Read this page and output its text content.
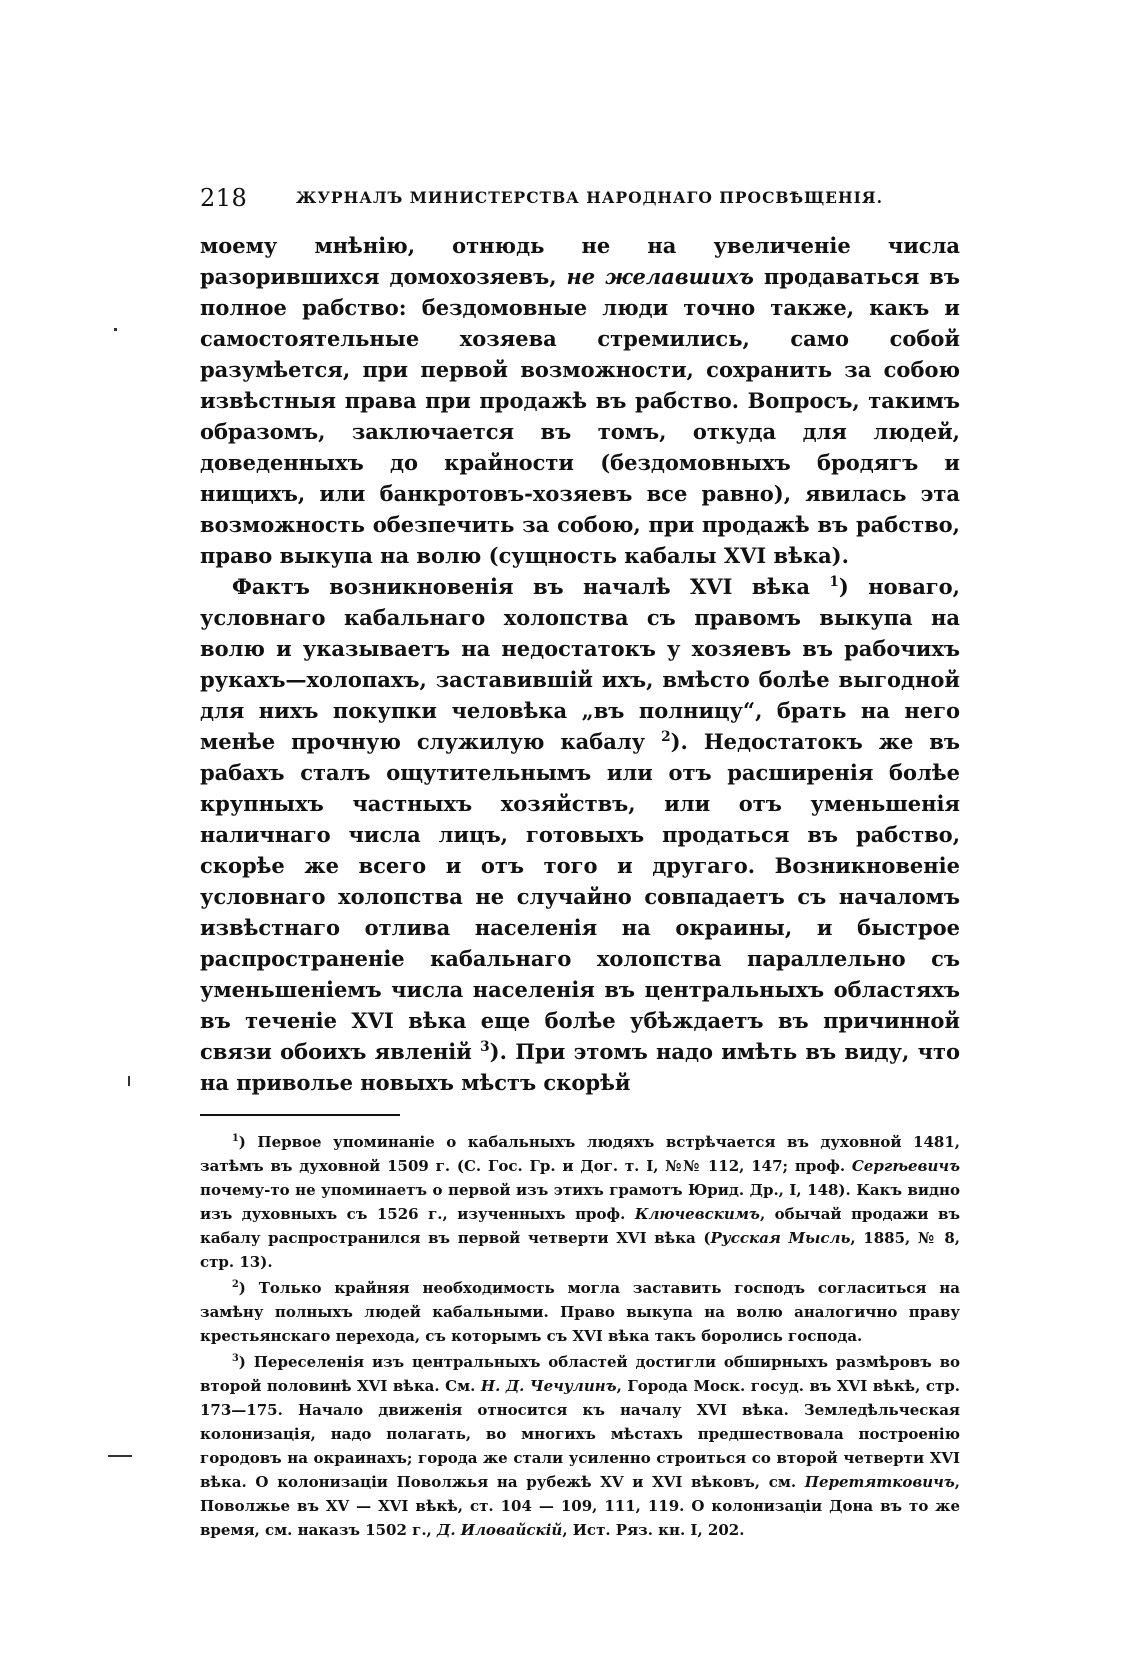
218	ЖУРНАЛЪ МИНИСТЕРСТВА НАРОДНАГО ПРОСВѢЩЕНІЯ.

моему мнѣнію, отнюдь не на увеличеніе числа разорившихся домохозяевъ, не желавшихъ продаваться въ полное рабство: бездомовные люди точно также, какъ и самостоятельные хозяева стремились, само собой разумѣется, при первой возможности, сохранить за собою извѣстныя права при продажѣ въ рабство. Вопросъ, такимъ образомъ, заключается въ томъ, откуда для людей, доведенныхъ до крайности (бездомовныхъ бродягъ и нищихъ, или банкротовъ-хозяевъ все равно), явилась эта возможность обезпечить за собою, при продажѣ въ рабство, право выкупа на волю (сущность кабалы XVI вѣка).

Фактъ возникновенія въ началѣ XVI вѣка $^1$) новаго, условнаго кабальнаго холопства съ правомъ выкупа на волю и указываетъ на недостатокъ у хозяевъ въ рабочихъ рукахъ—холопахъ, заставившій ихъ, вмѣсто болѣе выгодной для нихъ покупки человѣка „въ полницу“, брать на него менѣе прочную служилую кабалу $^2$). Недостатокъ же въ рабахъ сталъ ощутительнымъ или отъ расширенія болѣе крупныхъ частныхъ хозяйствъ, или отъ уменьшенія наличнаго числа лицъ, готовыхъ продаться въ рабство, скорѣе же всего и отъ того и другаго. Возникновеніе условнаго холопства не случайно совпадаетъ съ началомъ извѣстнаго отлива населенія на окраины, и быстрое распространеніе кабальнаго холопства параллельно съ уменьшеніемъ числа населенія въ центральныхъ областяхъ въ теченіе XVI вѣка еще болѣе убѣждаетъ въ причинной связи обоихъ явленій $^3$). При этомъ надо имѣть въ виду, что на приволье новыхъ мѣстъ скорѣй

$^1$) Первое упоминаніе о кабальныхъ людяхъ встрѣчается въ духовной 1481, затѣмъ въ духовной 1509 г. (С. Гос. Гр. и Дог. т. I, №№ 112, 147; проф. Сергѣевичъ почему-то не упоминаетъ о первой изъ этихъ грамотъ Юрид. Др., I, 148). Какъ видно изъ духовныхъ съ 1526 г., изученныхъ проф. Ключевскимъ, обычай продажи въ кабалу распространился въ первой четверти XVI вѣка (Русская Мысль, 1885, № 8, стр. 13).

$^2$) Только крайняя необходимость могла заставить господъ согласиться на замѣну полныхъ людей кабальными. Право выкупа на волю аналогично праву крестьянскаго перехода, съ которымъ съ XVI вѣка такъ боролись господа.

$^3$) Переселенія изъ центральныхъ областей достигли обширныхъ размѣровъ во второй половинѣ XVI вѣка. См. Н. Д. Чечулинъ, Города Моск. госуд. въ XVI вѣкѣ, стр. 173—175. Начало движенія относится къ началу XVI вѣка. Земледѣльческая колонизація, надо полагать, во многихъ мѣстахъ предшествовала построенію городовъ на окраинахъ; города же стали усиленно строиться со второй четверти XVI вѣка. О колонизаціи Поволжья на рубежѣ XV и XVI вѣковъ, см. Перетятковичъ, Поволжье въ XV — XVI вѣкѣ, ст. 104 — 109, 111, 119. О колонизаціи Дона въ то же время, см. наказъ 1502 г., Д. Иловайскій, Ист. Ряз. кн. I, 202.
